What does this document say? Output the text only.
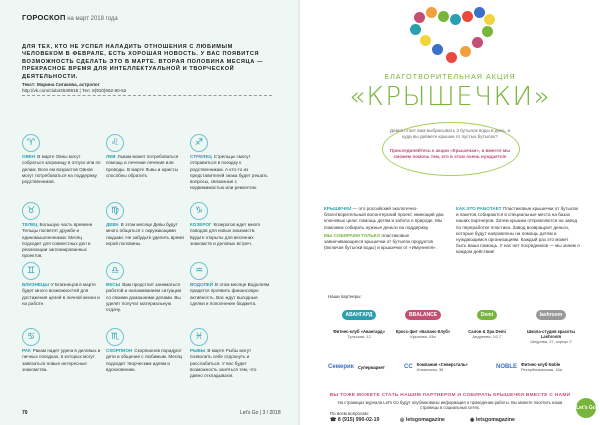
ГОРОСКОП на март 2018 года
ДЛЯ ТЕХ, КТО НЕ УСПЕЛ НАЛАДИТЬ ОТНОШЕНИЯ С ЛЮБИМЫМ ЧЕЛОВЕКОМ В ФЕВРАЛЕ, ЕСТЬ ХОРОШАЯ НОВОСТЬ. У ВАС ПОЯВИТСЯ ВОЗМОЖНОСТЬ СДЕЛАТЬ ЭТО В МАРТЕ. ВТОРАЯ ПОЛОВИНА МЕСЯЦА — ПРЕКРАСНОЕ ВРЕМЯ ДЛЯ ИНТЕЛЛЕКТУАЛЬНОЙ И ТВОРЧЕСКОЙ ДЕЯТЕЛЬНОСТИ.
Текст: Марина Сигакова, астролог
http://vk.com/club44546918 | Тел. 8(910)662-60-52
♈

ОВЕН В марте Овны могут собраться заграницу в отпуск или по делам. Всех ем возрастов Овнов могут потребоваться на поддержку родственников.

♉

ТЕЛЕЦ Большую часть времени Тельцы посвятят дружбе и единомышленникам. Месяц подходит для совместных дел и реализации запланированных проектов.

♊

БЛИЗНЕЦЫ У Близнецов в марте будет много возможностей для достижения целей в личной жизни и на работе.

♋

РАК Ракам надет удача в деловых и личных поездках, в которых могут завязаться новые интересные знакомства.

♌

ЛЕВ Львам может потребоваться помощь в лечении лечения или проводы. В марте Львы и юристы способны обратить

♍

ДЕВА В этом месяце Девы будут много общаться с окружающими людьми. Не забудьте уделить время игрой половины.

♎

ВЕСЫ Вам предстоит заниматься работой и налаживанием ситуации со своими домашними делами. Вы уделят получат материальную отдачу.

♏

СКОРПИОН Скорпионов порадуют дети и общение с любимым. Месяц подходит творческим идеям и вдохновению.

♐

СТРЕЛЕЦ Стрельцы смогут отправиться в поездку к родственникам. А кто-то из представителей знака будет решать вопросы, связанные с недвижимостью или ремонтом.

♑

КОЗЕРОГ Козерогов ждет много поводов для новых знакомств. Будьте открыты для весенних знакомств и деловых встреч.

♒

ВОДОЛЕЙ В этом месяце Водолеям придется проявить финансовую активность. Вас ждут выгодные сделки и пополнение бюджета.

♓

РЫБЫ В марте Рыбы могут позволить себе отдохнуть и расслабиться. У вас будет возможность заняться тем, что давно откладывали.

70	Let's Go | 3 / 2018
БЛАГОТВОРИТЕЛЬНАЯ АКЦИЯ
«КРЫШЕЧКИ»
Давно стоит вам выбрасывать 3 бутылок воды в день, а куда вы деваете крышки от пустых бутылок?
Присоединяйтесь к акции «Крышечки», и вместе мы сможем помочь тем, кто в этом очень нуждается!

КРЫШЕЧКИ — это российский экологично-благотворительный волонтерский проект, имеющий два ключевых цели: помощь детям и забота о природе. Мы поможем собирать нужные деньги на поддержку.

МЫ СОБИРАЕМ ТОЛЬКО пластиковые завинчивающиеся крышечки от бутылок продуктов (включая бутылки воды) и крышечки от «Имуннеля».

КАК ЭТО РАБОТАЕТ Пластиковые крышечки от бутылок и пакетов собираются в специальные места на базах наших партнеров. Затем крышки отправляются на завод по переработке пластика. Завод возвращает деньги, которые будут направлены на помощь детям и нуждающимся организациям. Каждый раз это может быть ваша помощь. У нас нет посредников — мы знаем о каждом действии!

Наши партнеры:
АВАНГАРД
Фитнес-клуб «Авангард»
Тульская, 12
BBALANCE
Кросс-фит «Баланс-Клуб»
Крылова, 43а
Demi
Салон & Spa Demi
Андреева, 1/2 Г
lashroom
Школа-студия красоты Lashroom
Шнурова, 27, корпус 2
Семерик Супермаркет	CC Компания «Северсталь»
Ильинская, 38	NOBLE Фитнес-клуб Noble
Республиканская, 16а
ВЫ ТОЖЕ МОЖЕТЕ СТАТЬ НАШИМ ПАРТНЕРОМ И СОБИРАТЬ КРЫШЕЧКИ ВМЕСТЕ С НАМИ
На страницах журнала Let's Go будут опубликованы информация о проведении работы. Вы можете посетить наши страницы в социальных сетях.
По всем вопросам:
☎ 8 (915) 990-02-19	◎ letsgomagazine	◉ letsgomagazine
Let's Go
